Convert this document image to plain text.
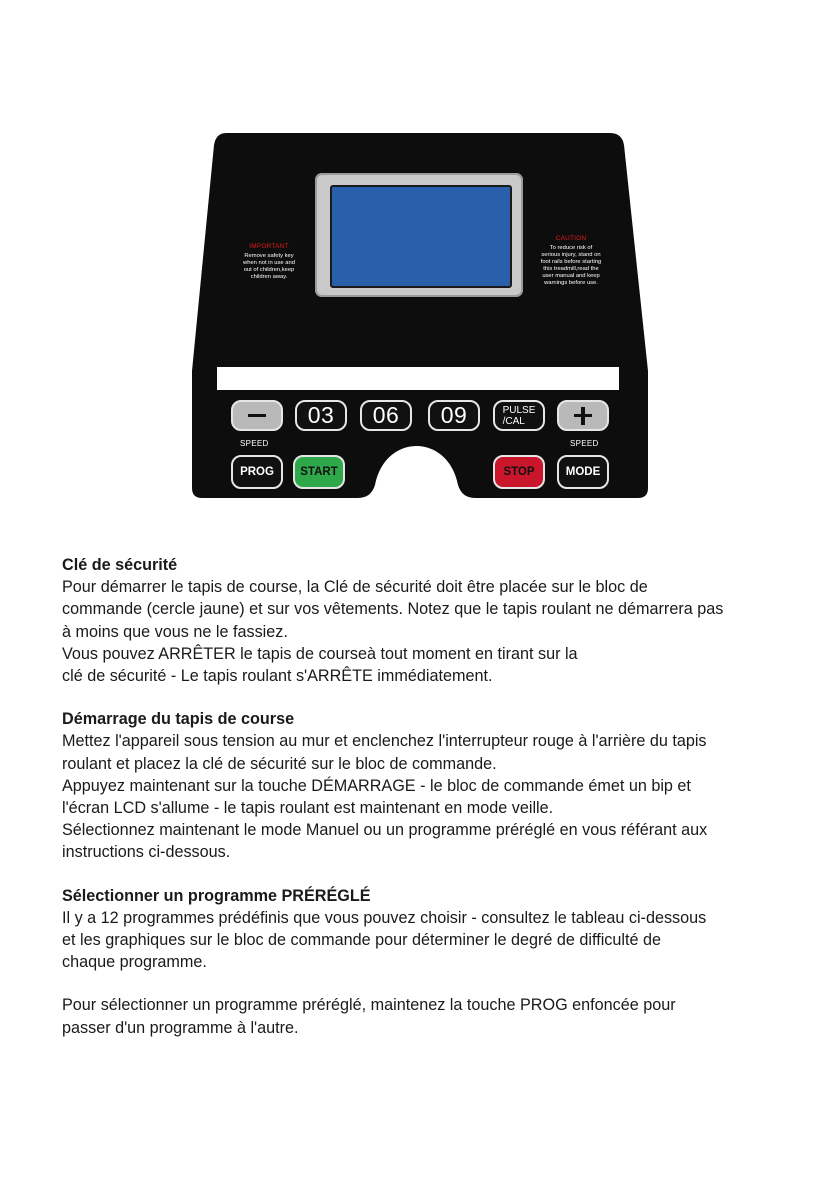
IMPORTANT
Remove safety key
when not in use and
out of children,keep
children away.
CAUTION
To reduce risk of
serious injury, stand on
foot rails before starting
this treadmill,read the
user manual and keep
warnings before use.
03 06 09	PULSE
/CAL
SPEED	SPEED
PROG START	STOP	MODE
Clé de sécurité

Pour démarrer le tapis de course, la Clé de sécurité doit être placée sur le bloc de

commande (cercle jaune) et sur vos vêtements. Notez que le tapis roulant ne démarrera pas

à moins que vous ne le fassiez.

Vous pouvez ARRÊTER le tapis de courseà tout moment en tirant sur la

clé de sécurité - Le tapis roulant s'ARRÊTE immédiatement.

Démarrage du tapis de course

Mettez l'appareil sous tension au mur et enclenchez l'interrupteur rouge à l'arrière du tapis

roulant et placez la clé de sécurité sur le bloc de commande.

Appuyez maintenant sur la touche DÉMARRAGE - le bloc de commande émet un bip et

l'écran LCD s'allume - le tapis roulant est maintenant en mode veille.

Sélectionnez maintenant le mode Manuel ou un programme préréglé en vous référant aux

instructions ci-dessous.

Sélectionner un programme PRÉRÉGLÉ

Il y a 12 programmes prédéfinis que vous pouvez choisir - consultez le tableau ci-dessous

et les graphiques sur le bloc de commande pour déterminer le degré de difficulté de

chaque programme.

Pour sélectionner un programme préréglé, maintenez la touche PROG enfoncée pour

passer d'un programme à l'autre.
